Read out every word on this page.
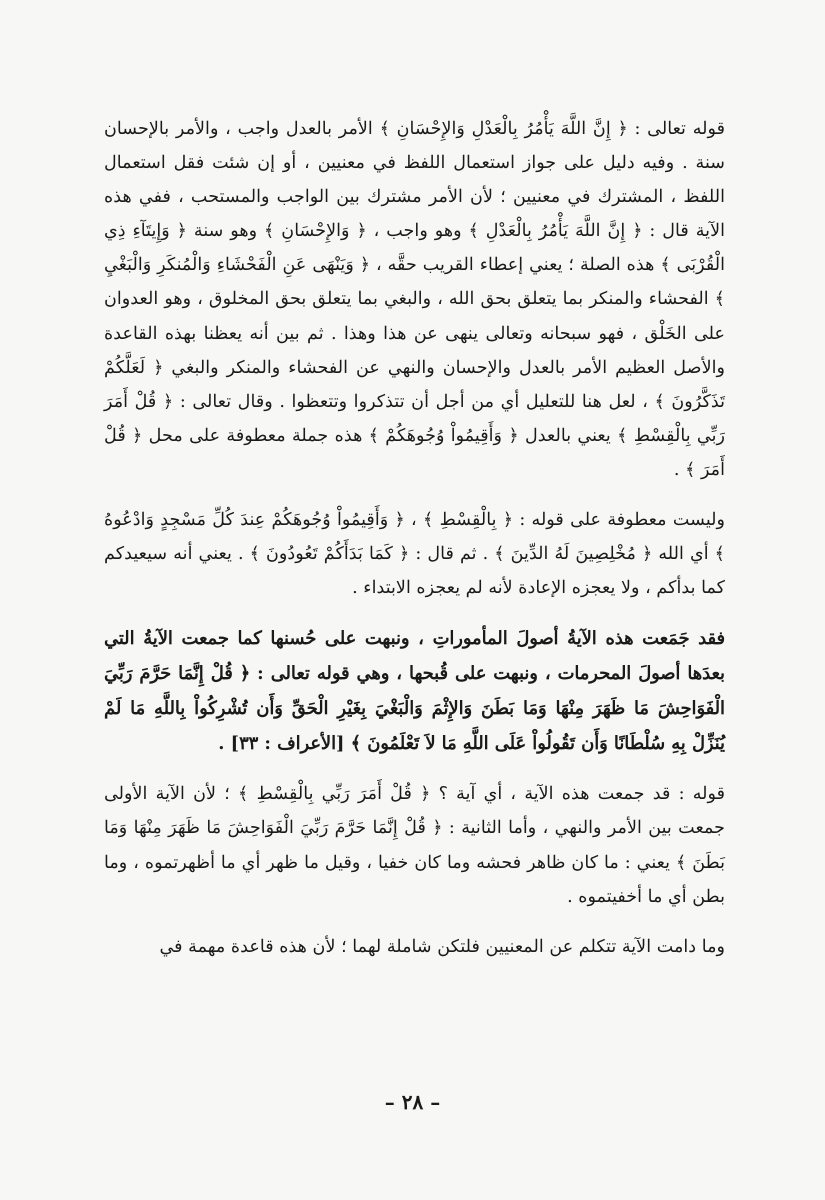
قوله تعالى : ﴿ إِنَّ اللَّهَ يَأْمُرُ بِالْعَدْلِ وَالإِحْسَانِ ﴾ الأمر بالعدل واجب ، والأمر بالإحسان سنة . وفيه دليل على جواز استعمال اللفظ في معنيين ، أو إن شئت فقل استعمال اللفظ ، المشترك في معنيين ؛ لأن الأمر مشترك بين الواجب والمستحب ، ففي هذه الآية قال : ﴿ إِنَّ اللَّهَ يَأْمُرُ بِالْعَدْلِ ﴾ وهو واجب ، ﴿ وَالإِحْسَانِ ﴾ وهو سنة ﴿ وَإِيتَآءِ ذِي الْقُرْبَى ﴾ هذه الصلة ؛ يعني إعطاء القريب حقَّه ، ﴿ وَيَنْهَى عَنِ الْفَحْشَاءِ وَالْمُنكَرِ وَالْبَغْيِ ﴾ الفحشاء والمنكر بما يتعلق بحق الله ، والبغي بما يتعلق بحق المخلوق ، وهو العدوان على الخَلْق ، فهو سبحانه وتعالى ينهى عن هذا وهذا . ثم بين أنه يعظنا بهذه القاعدة والأصل العظيم الأمر بالعدل والإحسان والنهي عن الفحشاء والمنكر والبغي ﴿ لَعَلَّكُمْ تَذَكَّرُونَ ﴾ ، لعل هنا للتعليل أي من أجل أن تتذكروا وتتعظوا . وقال تعالى : ﴿ قُلْ أَمَرَ رَبِّي بِالْقِسْطِ ﴾ يعني بالعدل ﴿ وَأَقِيمُواْ وُجُوهَكُمْ ﴾ هذه جملة معطوفة على محل ﴿ قُلْ أَمَرَ ﴾ .

وليست معطوفة على قوله : ﴿ بِالْقِسْطِ ﴾ ، ﴿ وَأَقِيمُواْ وُجُوهَكُمْ عِندَ كُلِّ مَسْجِدٍ وَادْعُوهُ ﴾ أي الله ﴿ مُخْلِصِينَ لَهُ الدِّينَ ﴾ . ثم قال : ﴿ كَمَا بَدَأَكُمْ تَعُودُونَ ﴾ . يعني أنه سيعيدكم كما بدأكم ، ولا يعجزه الإعادة لأنه لم يعجزه الابتداء .

فقد جَمَعت هذه الآيةُ أصولَ المأموراتِ ، ونبهت على حُسنها كما جمعت الآيةُ التي بعدَها أصولَ المحرمات ، ونبهت على قُبحها ، وهي قوله تعالى : ﴿ قُلْ إِنَّمَا حَرَّمَ رَبِّيَ الْفَوَاحِشَ مَا ظَهَرَ مِنْهَا وَمَا بَطَنَ وَالإِثْمَ وَالْبَغْيَ بِغَيْرِ الْحَقِّ وَأَن تُشْرِكُواْ بِاللَّهِ مَا لَمْ يُنَزِّلْ بِهِ سُلْطَانًا وَأَن تَقُولُواْ عَلَى اللَّهِ مَا لاَ تَعْلَمُونَ ﴾ [الأعراف : ٣٣] .

قوله : قد جمعت هذه الآية ، أي آية ؟ ﴿ قُلْ أَمَرَ رَبِّي بِالْقِسْطِ ﴾ ؛ لأن الآية الأولى جمعت بين الأمر والنهي ، وأما الثانية : ﴿ قُلْ إِنَّمَا حَرَّمَ رَبِّيَ الْفَوَاحِشَ مَا ظَهَرَ مِنْهَا وَمَا بَطَنَ ﴾ يعني : ما كان ظاهر فحشه وما كان خفيا ، وقيل ما ظهر أي ما أظهرتموه ، وما بطن أي ما أخفيتموه .

وما دامت الآية تتكلم عن المعنيين فلتكن شاملة لهما ؛ لأن هذه قاعدة مهمة في

– ٢٨ –
